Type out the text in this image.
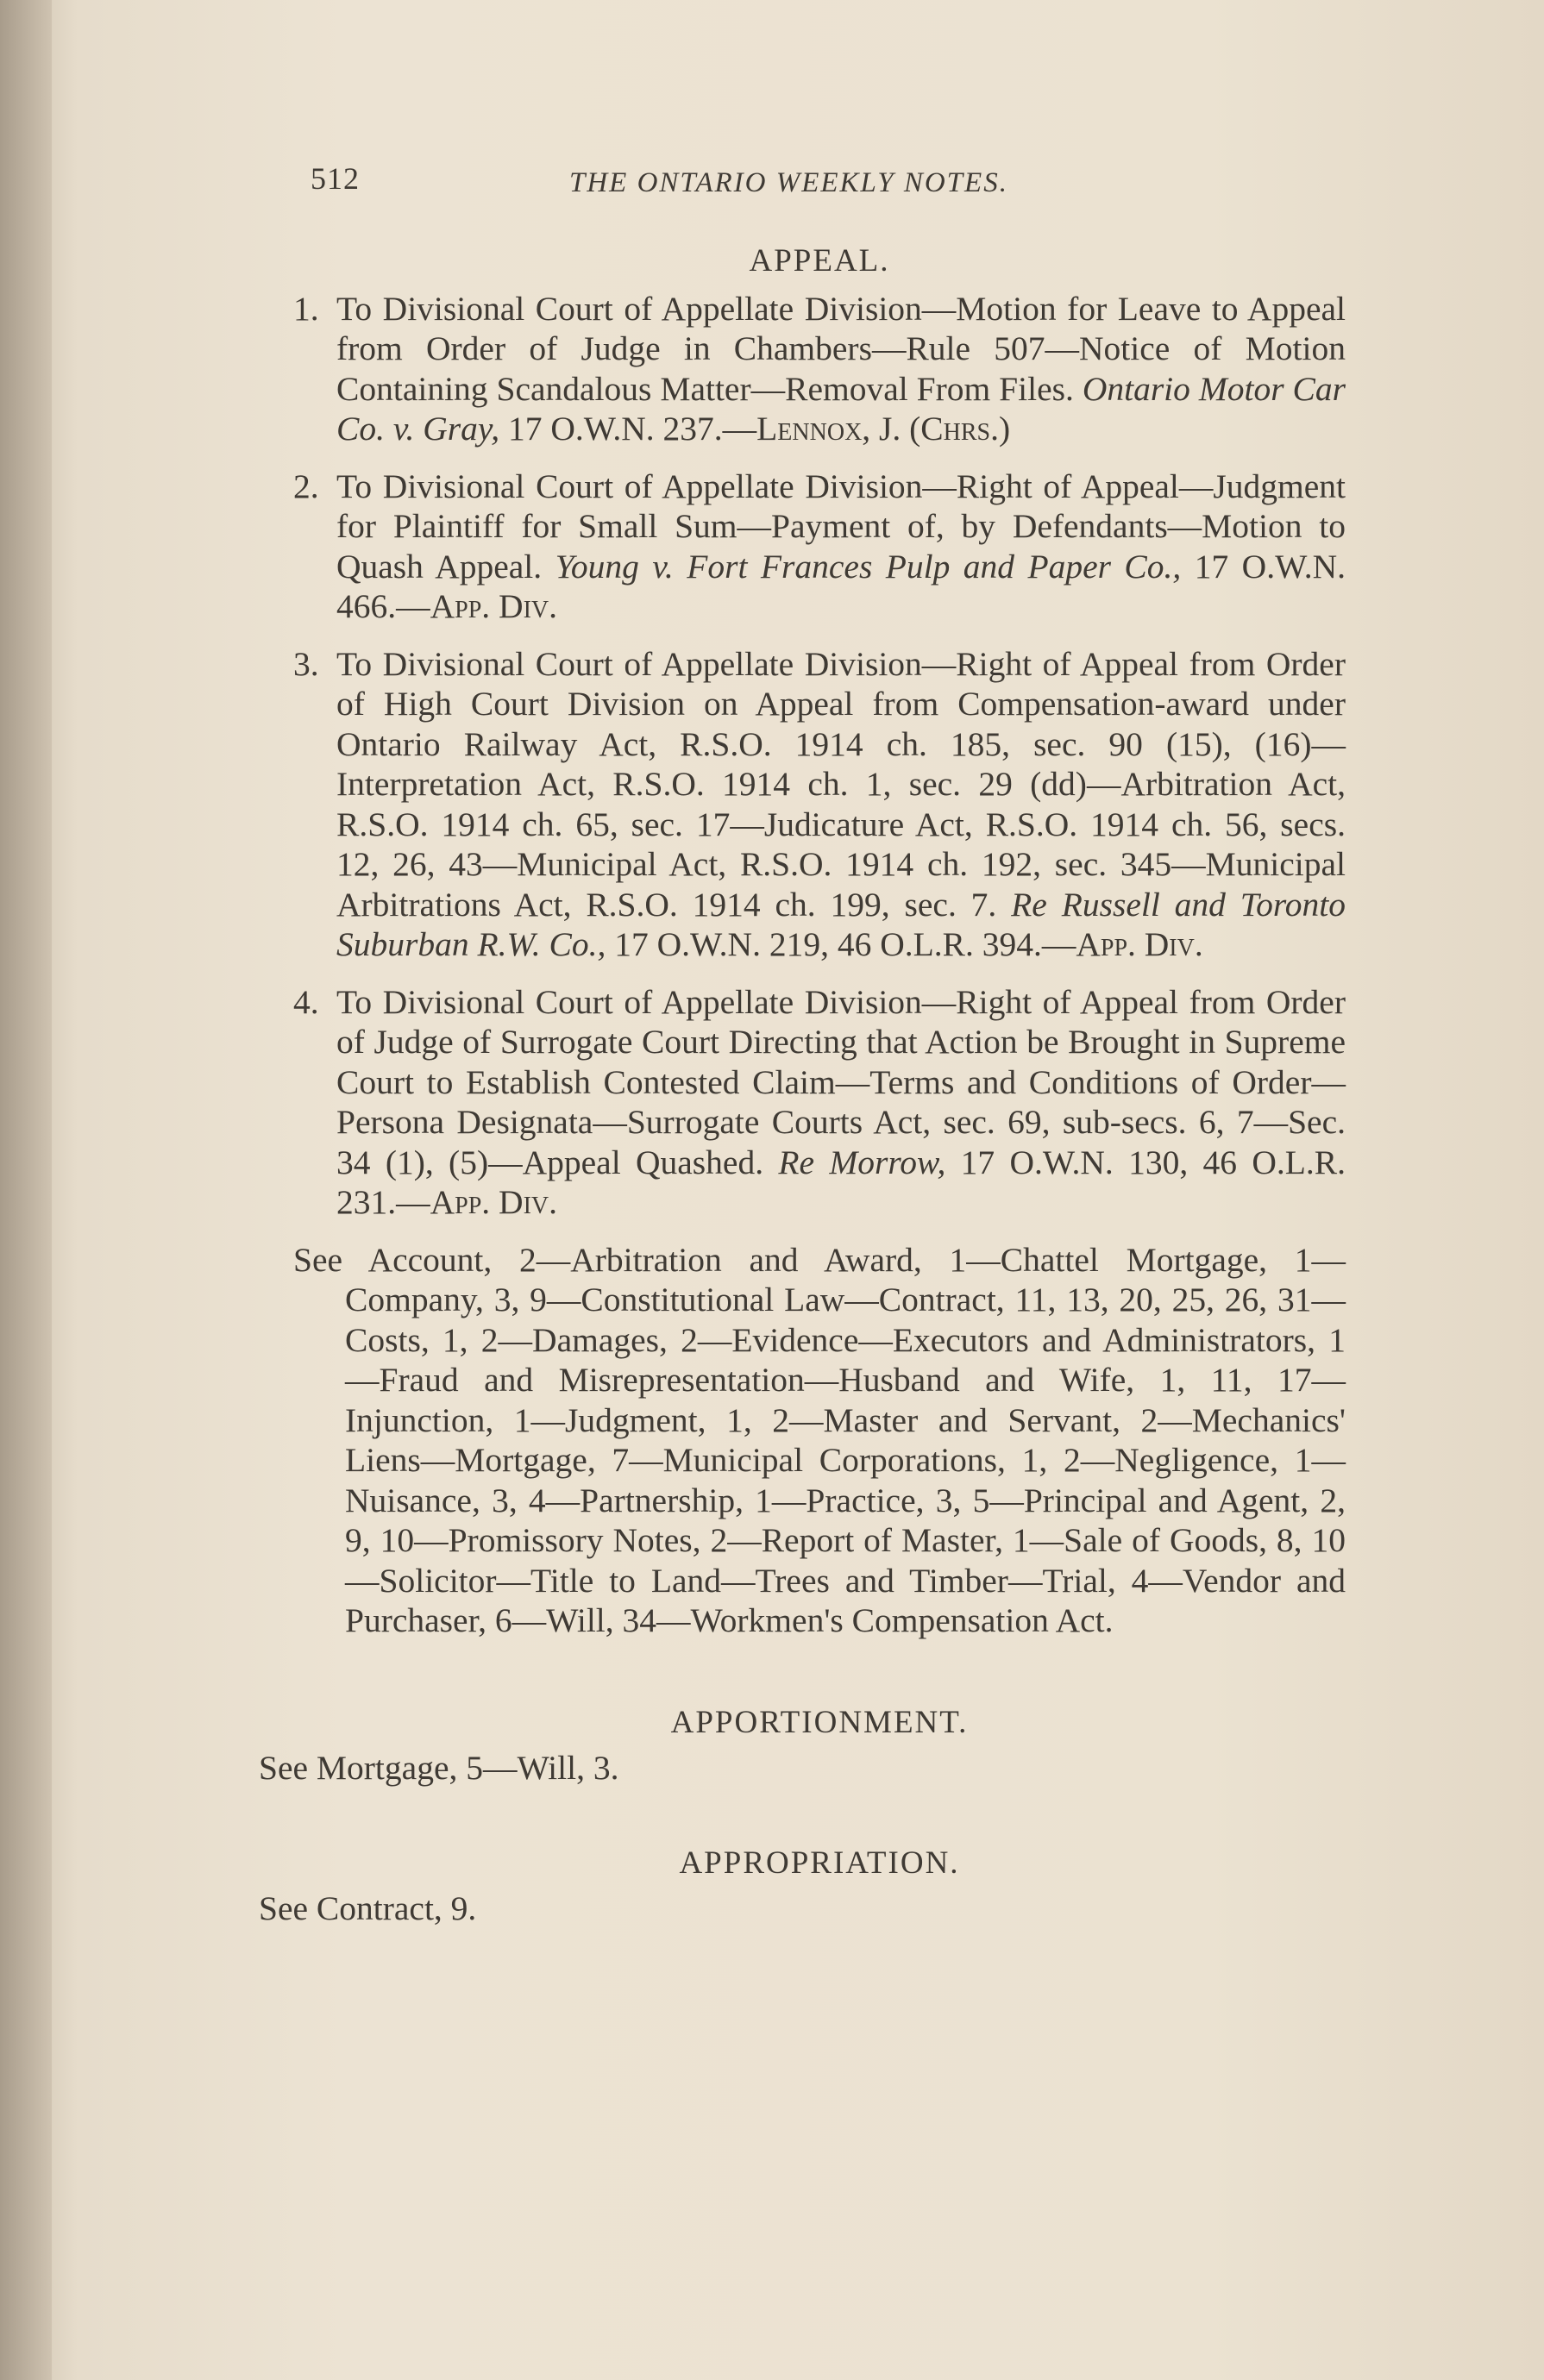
512	THE ONTARIO WEEKLY NOTES.
APPEAL.
1. To Divisional Court of Appellate Division—Motion for Leave to Appeal from Order of Judge in Chambers—Rule 507—Notice of Motion Containing Scandalous Matter—Removal From Files. Ontario Motor Car Co. v. Gray, 17 O.W.N. 237.—Lennox, J. (Chrs.)
2. To Divisional Court of Appellate Division—Right of Appeal—Judgment for Plaintiff for Small Sum—Payment of, by Defendants—Motion to Quash Appeal. Young v. Fort Frances Pulp and Paper Co., 17 O.W.N. 466.—App. Div.
3. To Divisional Court of Appellate Division—Right of Appeal from Order of High Court Division on Appeal from Compensation-award under Ontario Railway Act, R.S.O. 1914 ch. 185, sec. 90 (15), (16)—Interpretation Act, R.S.O. 1914 ch. 1, sec. 29 (dd)—Arbitration Act, R.S.O. 1914 ch. 65, sec. 17—Judicature Act, R.S.O. 1914 ch. 56, secs. 12, 26, 43—Municipal Act, R.S.O. 1914 ch. 192, sec. 345—Municipal Arbitrations Act, R.S.O. 1914 ch. 199, sec. 7. Re Russell and Toronto Suburban R.W. Co., 17 O.W.N. 219, 46 O.L.R. 394.—App. Div.
4. To Divisional Court of Appellate Division—Right of Appeal from Order of Judge of Surrogate Court Directing that Action be Brought in Supreme Court to Establish Contested Claim—Terms and Conditions of Order—Persona Designata—Surrogate Courts Act, sec. 69, sub-secs. 6, 7—Sec. 34 (1), (5)—Appeal Quashed. Re Morrow, 17 O.W.N. 130, 46 O.L.R. 231.—App. Div.
See Account, 2—Arbitration and Award, 1—Chattel Mortgage, 1—Company, 3, 9—Constitutional Law—Contract, 11, 13, 20, 25, 26, 31—Costs, 1, 2—Damages, 2—Evidence—Executors and Administrators, 1—Fraud and Misrepresentation—Husband and Wife, 1, 11, 17—Injunction, 1—Judgment, 1, 2—Master and Servant, 2—Mechanics' Liens—Mortgage, 7—Municipal Corporations, 1, 2—Negligence, 1—Nuisance, 3, 4—Partnership, 1—Practice, 3, 5—Principal and Agent, 2, 9, 10—Promissory Notes, 2—Report of Master, 1—Sale of Goods, 8, 10—Solicitor—Title to Land—Trees and Timber—Trial, 4—Vendor and Purchaser, 6—Will, 34—Workmen's Compensation Act.
APPORTIONMENT.
See Mortgage, 5—Will, 3.
APPROPRIATION.
See Contract, 9.
